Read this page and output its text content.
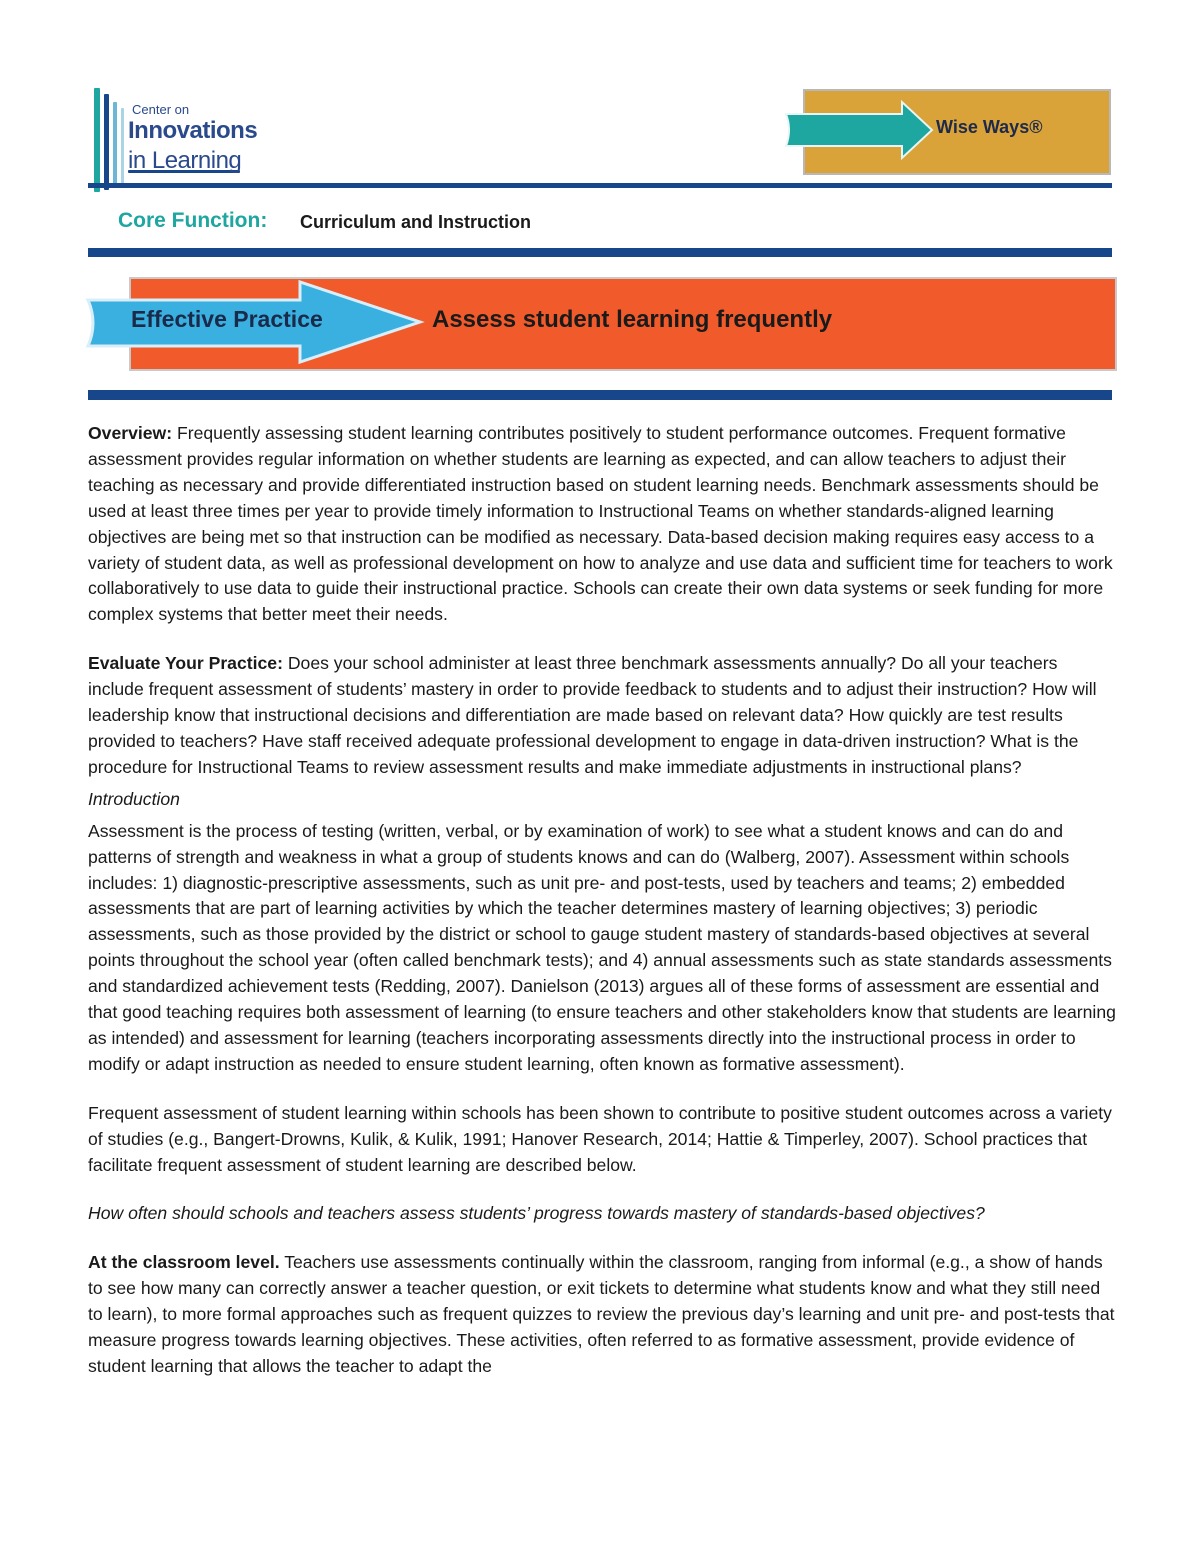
Center on
Innovations
in Learning
Wise Ways®
Core Function: Curriculum and Instruction
Effective Practice	Assess student learning frequently

Overview: Frequently assessing student learning contributes positively to student performance outcomes. Frequent formative assessment provides regular information on whether students are learning as expected, and can allow teachers to adjust their teaching as necessary and provide differentiated instruction based on student learning needs. Benchmark assessments should be used at least three times per year to provide timely information to Instructional Teams on whether standards-aligned learning objectives are being met so that instruction can be modified as necessary. Data-based decision making requires easy access to a variety of student data, as well as professional development on how to analyze and use data and sufficient time for teachers to work collaboratively to use data to guide their instructional practice. Schools can create their own data systems or seek funding for more complex systems that better meet their needs.

Evaluate Your Practice: Does your school administer at least three benchmark assessments annually? Do all your teachers include frequent assessment of students’ mastery in order to provide feedback to students and to adjust their instruction? How will leadership know that instructional decisions and differentiation are made based on relevant data? How quickly are test results provided to teachers? Have staff received adequate professional development to engage in data-driven instruction? What is the procedure for Instructional Teams to review assessment results and make immediate adjustments in instructional plans?

Introduction

Assessment is the process of testing (written, verbal, or by examination of work) to see what a student knows and can do and patterns of strength and weakness in what a group of students knows and can do (Walberg, 2007). Assessment within schools includes: 1) diagnostic-prescriptive assessments, such as unit pre- and post-tests, used by teachers and teams; 2) embedded assessments that are part of learning activities by which the teacher determines mastery of learning objectives; 3) periodic assessments, such as those provided by the district or school to gauge student mastery of standards-based objectives at several points throughout the school year (often called benchmark tests); and 4) annual assessments such as state standards assessments and standardized achievement tests (Redding, 2007). Danielson (2013) argues all of these forms of assessment are essential and that good teaching requires both assessment of learning (to ensure teachers and other stakeholders know that students are learning as intended) and assessment for learning (teachers incorporating assessments directly into the instructional process in order to modify or adapt instruction as needed to ensure student learning, often known as formative assessment).

Frequent assessment of student learning within schools has been shown to contribute to positive student outcomes across a variety of studies (e.g., Bangert-Drowns, Kulik, & Kulik, 1991; Hanover Research, 2014; Hattie & Timperley, 2007). School practices that facilitate frequent assessment of student learning are described below.

How often should schools and teachers assess students’ progress towards mastery of standards-based objectives?

At the classroom level. Teachers use assessments continually within the classroom, ranging from informal (e.g., a show of hands to see how many can correctly answer a teacher question, or exit tickets to determine what students know and what they still need to learn), to more formal approaches such as frequent quizzes to review the previous day’s learning and unit pre- and post-tests that measure progress towards learning objectives. These activities, often referred to as formative assessment, provide evidence of student learning that allows the teacher to adapt the
